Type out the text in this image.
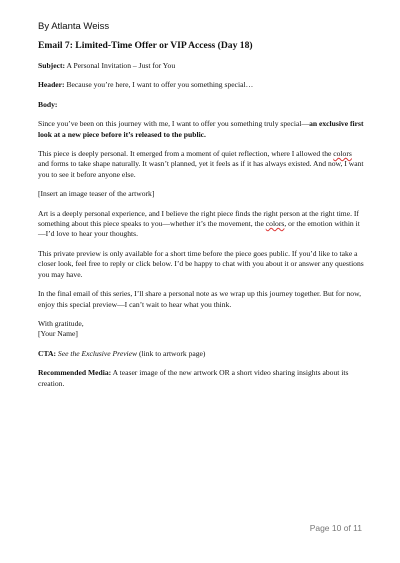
By Atlanta Weiss
Email 7: Limited-Time Offer or VIP Access (Day 18)
Subject: A Personal Invitation – Just for You
Header: Because you’re here, I want to offer you something special…
Body:

Since you’ve been on this journey with me, I want to offer you something truly special—an exclusive first look at a new piece before it’s released to the public.

This piece is deeply personal. It emerged from a moment of quiet reflection, where I allowed the colors and forms to take shape naturally. It wasn’t planned, yet it feels as if it has always existed. And now, I want you to see it before anyone else.

[Insert an image teaser of the artwork]

Art is a deeply personal experience, and I believe the right piece finds the right person at the right time. If something about this piece speaks to you—whether it’s the movement, the colors, or the emotion within it—I’d love to hear your thoughts.

This private preview is only available for a short time before the piece goes public. If you’d like to take a closer look, feel free to reply or click below. I’d be happy to chat with you about it or answer any questions you may have.

In the final email of this series, I’ll share a personal note as we wrap up this journey together. But for now, enjoy this special preview—I can’t wait to hear what you think.

With gratitude,
[Your Name]

CTA: See the Exclusive Preview (link to artwork page)

Recommended Media: A teaser image of the new artwork OR a short video sharing insights about its creation.

Page 10 of 11
